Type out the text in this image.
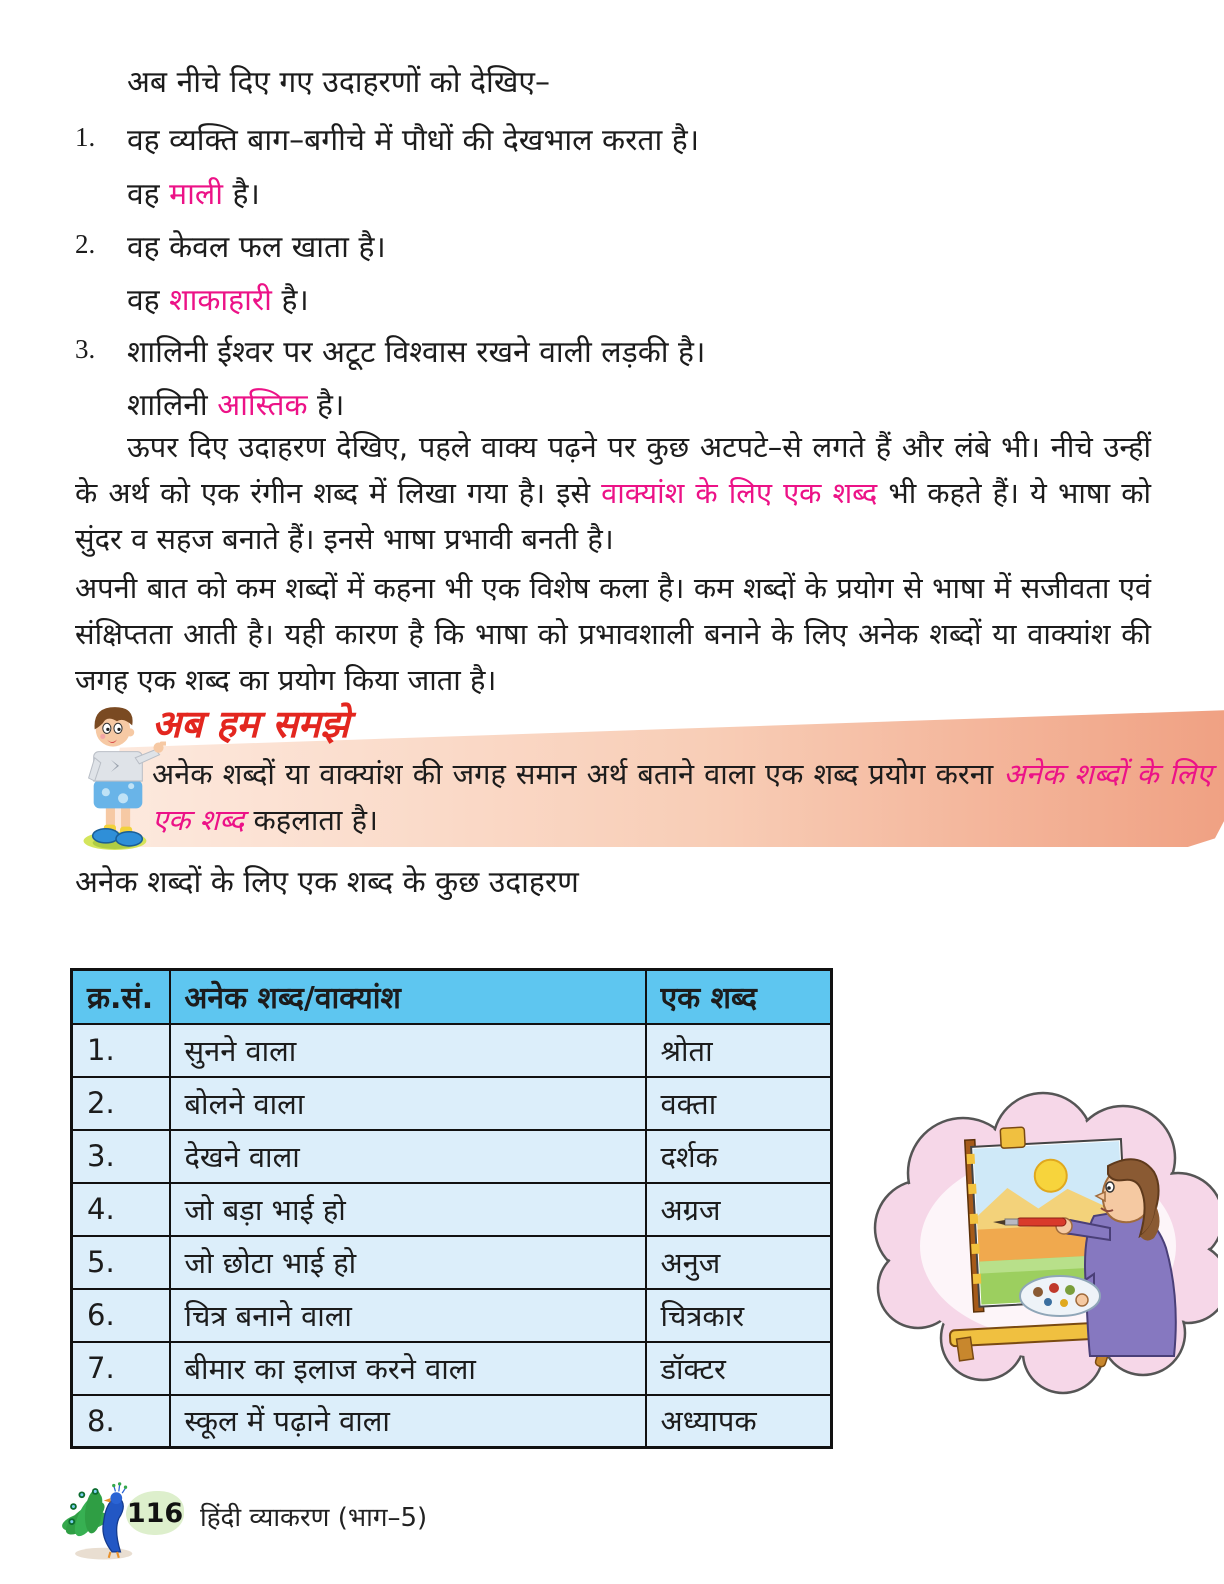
अब नीचे दिए गए उदाहरणों को देखिए–
1. वह व्यक्ति बाग–बगीचे में पौधों की देखभाल करता है।
वह माली है।
2. वह केवल फल खाता है।
वह शाकाहारी है।
3. शालिनी ईश्वर पर अटूट विश्वास रखने वाली लड़की है।
शालिनी आस्तिक है।
ऊपर दिए उदाहरण देखिए, पहले वाक्य पढ़ने पर कुछ अटपटे–से लगते हैं और लंबे भी। नीचे उन्हीं के अर्थ को एक रंगीन शब्द में लिखा गया है। इसे वाक्यांश के लिए एक शब्द भी कहते हैं। ये भाषा को सुंदर व सहज बनाते हैं। इनसे भाषा प्रभावी बनती है।
अपनी बात को कम शब्दों में कहना भी एक विशेष कला है। कम शब्दों के प्रयोग से भाषा में सजीवता एवं संक्षिप्तता आती है। यही कारण है कि भाषा को प्रभावशाली बनाने के लिए अनेक शब्दों या वाक्यांश की जगह एक शब्द का प्रयोग किया जाता है।
अब हम समझे
अनेक शब्दों या वाक्यांश की जगह समान अर्थ बताने वाला एक शब्द प्रयोग करना अनेक शब्दों के लिए एक शब्द कहलाता है।
अनेक शब्दों के लिए एक शब्द के कुछ उदाहरण
क्र.सं.	अनेक शब्द/वाक्यांश	एक शब्द
1.	सुनने वाला	श्रोता
2.	बोलने वाला	वक्ता
3.	देखने वाला	दर्शक
4.	जो बड़ा भाई हो	अग्रज
5.	जो छोटा भाई हो	अनुज
6.	चित्र बनाने वाला	चित्रकार
7.	बीमार का इलाज करने वाला	डॉक्टर
8.	स्कूल में पढ़ाने वाला	अध्यापक
116 हिंदी व्याकरण (भाग–5)
